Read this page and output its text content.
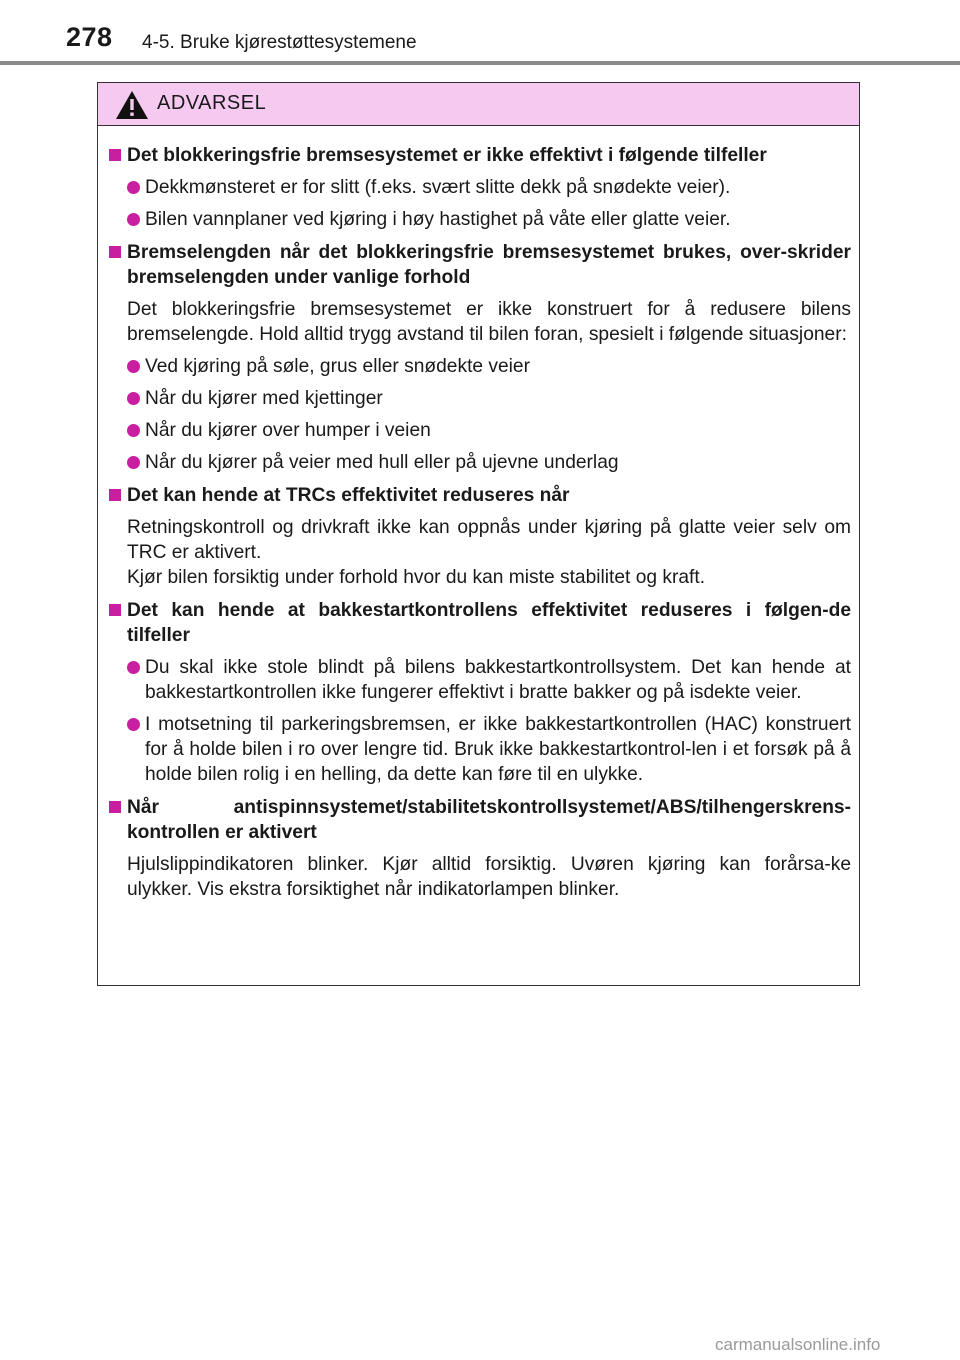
278 4-5. Bruke kjørestøttesystemene
ADVARSEL
Det blokkeringsfrie bremsesystemet er ikke effektivt i følgende tilfeller
Dekkmønsteret er for slitt (f.eks. svært slitte dekk på snødekte veier).
Bilen vannplaner ved kjøring i høy hastighet på våte eller glatte veier.
Bremselengden når det blokkeringsfrie bremsesystemet brukes, over-skrider bremselengden under vanlige forhold
Det blokkeringsfrie bremsesystemet er ikke konstruert for å redusere bilens bremselengde. Hold alltid trygg avstand til bilen foran, spesielt i følgende situasjoner:
Ved kjøring på søle, grus eller snødekte veier
Når du kjører med kjettinger
Når du kjører over humper i veien
Når du kjører på veier med hull eller på ujevne underlag
Det kan hende at TRCs effektivitet reduseres når
Retningskontroll og drivkraft ikke kan oppnås under kjøring på glatte veier selv om TRC er aktivert.
Kjør bilen forsiktig under forhold hvor du kan miste stabilitet og kraft.
Det kan hende at bakkestartkontrollens effektivitet reduseres i følgen-de tilfeller
Du skal ikke stole blindt på bilens bakkestartkontrollsystem. Det kan hende at bakkestartkontrollen ikke fungerer effektivt i bratte bakker og på isdekte veier.
I motsetning til parkeringsbremsen, er ikke bakkestartkontrollen (HAC) konstruert for å holde bilen i ro over lengre tid. Bruk ikke bakkestartkontrol-len i et forsøk på å holde bilen rolig i en helling, da dette kan føre til en ulykke.
Når antispinnsystemet/stabilitetskontrollsystemet/ABS/tilhengerskrens-kontrollen er aktivert
Hjulslippindikatoren blinker. Kjør alltid forsiktig. Uvøren kjøring kan forårsa-ke ulykker. Vis ekstra forsiktighet når indikatorlampen blinker.
carmanualsonline.info
